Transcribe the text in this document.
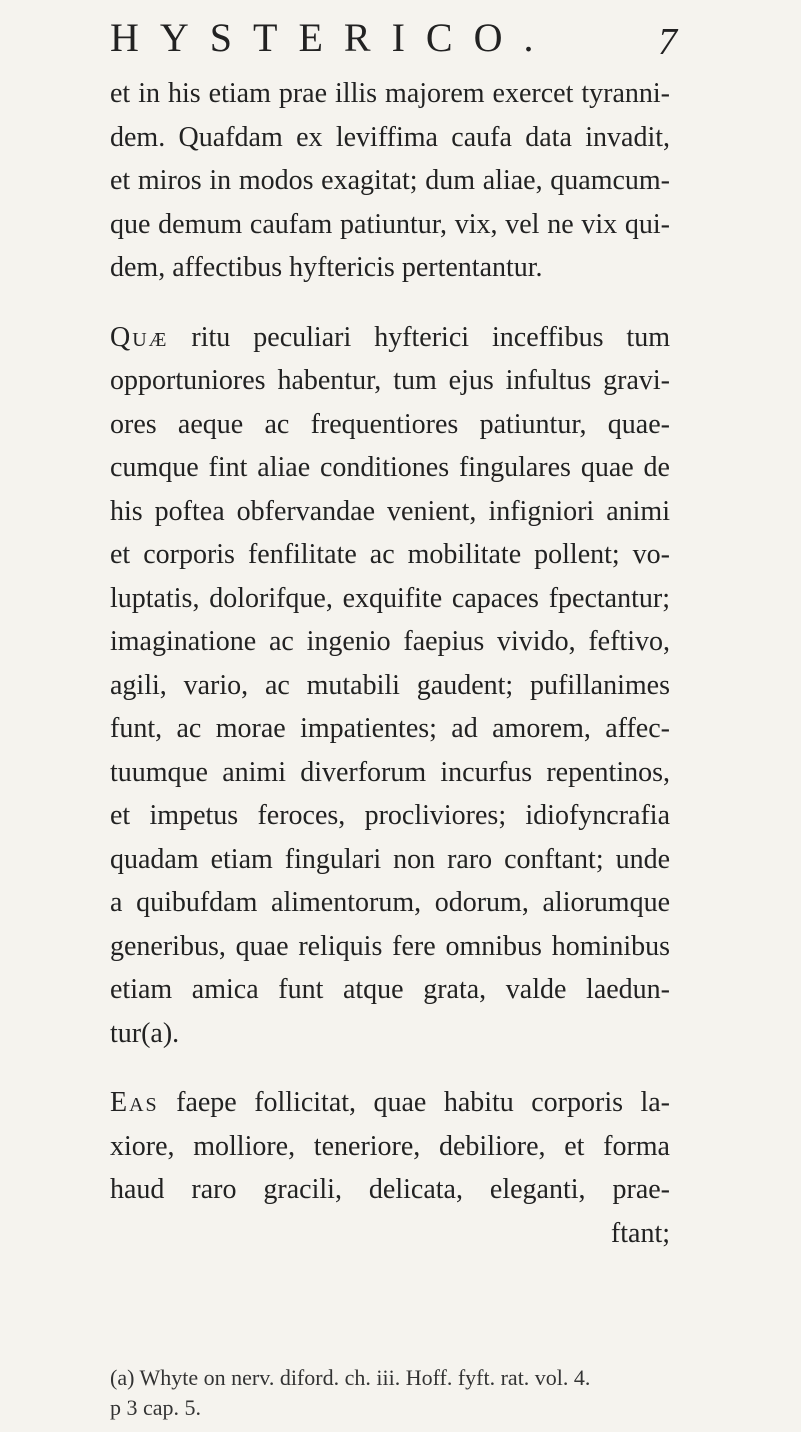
HYSTERICO.	7
et in his etiam prae illis majorem exercet tyranni-
dem. Quafdam ex leviffima caufa data invadit,
et miros in modos exagitat; dum aliae, quamcum-
que demum caufam patiuntur, vix, vel ne vix qui-
dem, affectibus hyftericis pertentantur.
Quæ ritu peculiari hyfterici inceffibus tum
opportuniores habentur, tum ejus infultus gravi-
ores aeque ac frequentiores patiuntur, quae-
cumque fint aliae conditiones fingulares quae de
his poftea obfervandae venient, infigniori animi
et corporis fenfilitate ac mobilitate pollent; vo-
luptatis, dolorifque, exquifite capaces fpectantur;
imaginatione ac ingenio faepius vivido, feftivo,
agili, vario, ac mutabili gaudent; pufillanimes
funt, ac morae impatientes; ad amorem, affec-
tuumque animi diverforum incurfus repentinos,
et impetus feroces, procliviores; idiofyncrafia
quadam etiam fingulari non raro conftant; unde
a quibufdam alimentorum, odorum, aliorumque
generibus, quae reliquis fere omnibus hominibus
etiam amica funt atque grata, valde laedun-
tur(a).
Eas faepe follicitat, quae habitu corporis la-
xiore, molliore, teneriore, debiliore, et forma
haud raro gracili, delicata, eleganti, prae-
ftant;
(a) Whyte on nerv. diford. ch. iii. Hoff. fyft. rat. vol. 4.
p 3 cap. 5.
